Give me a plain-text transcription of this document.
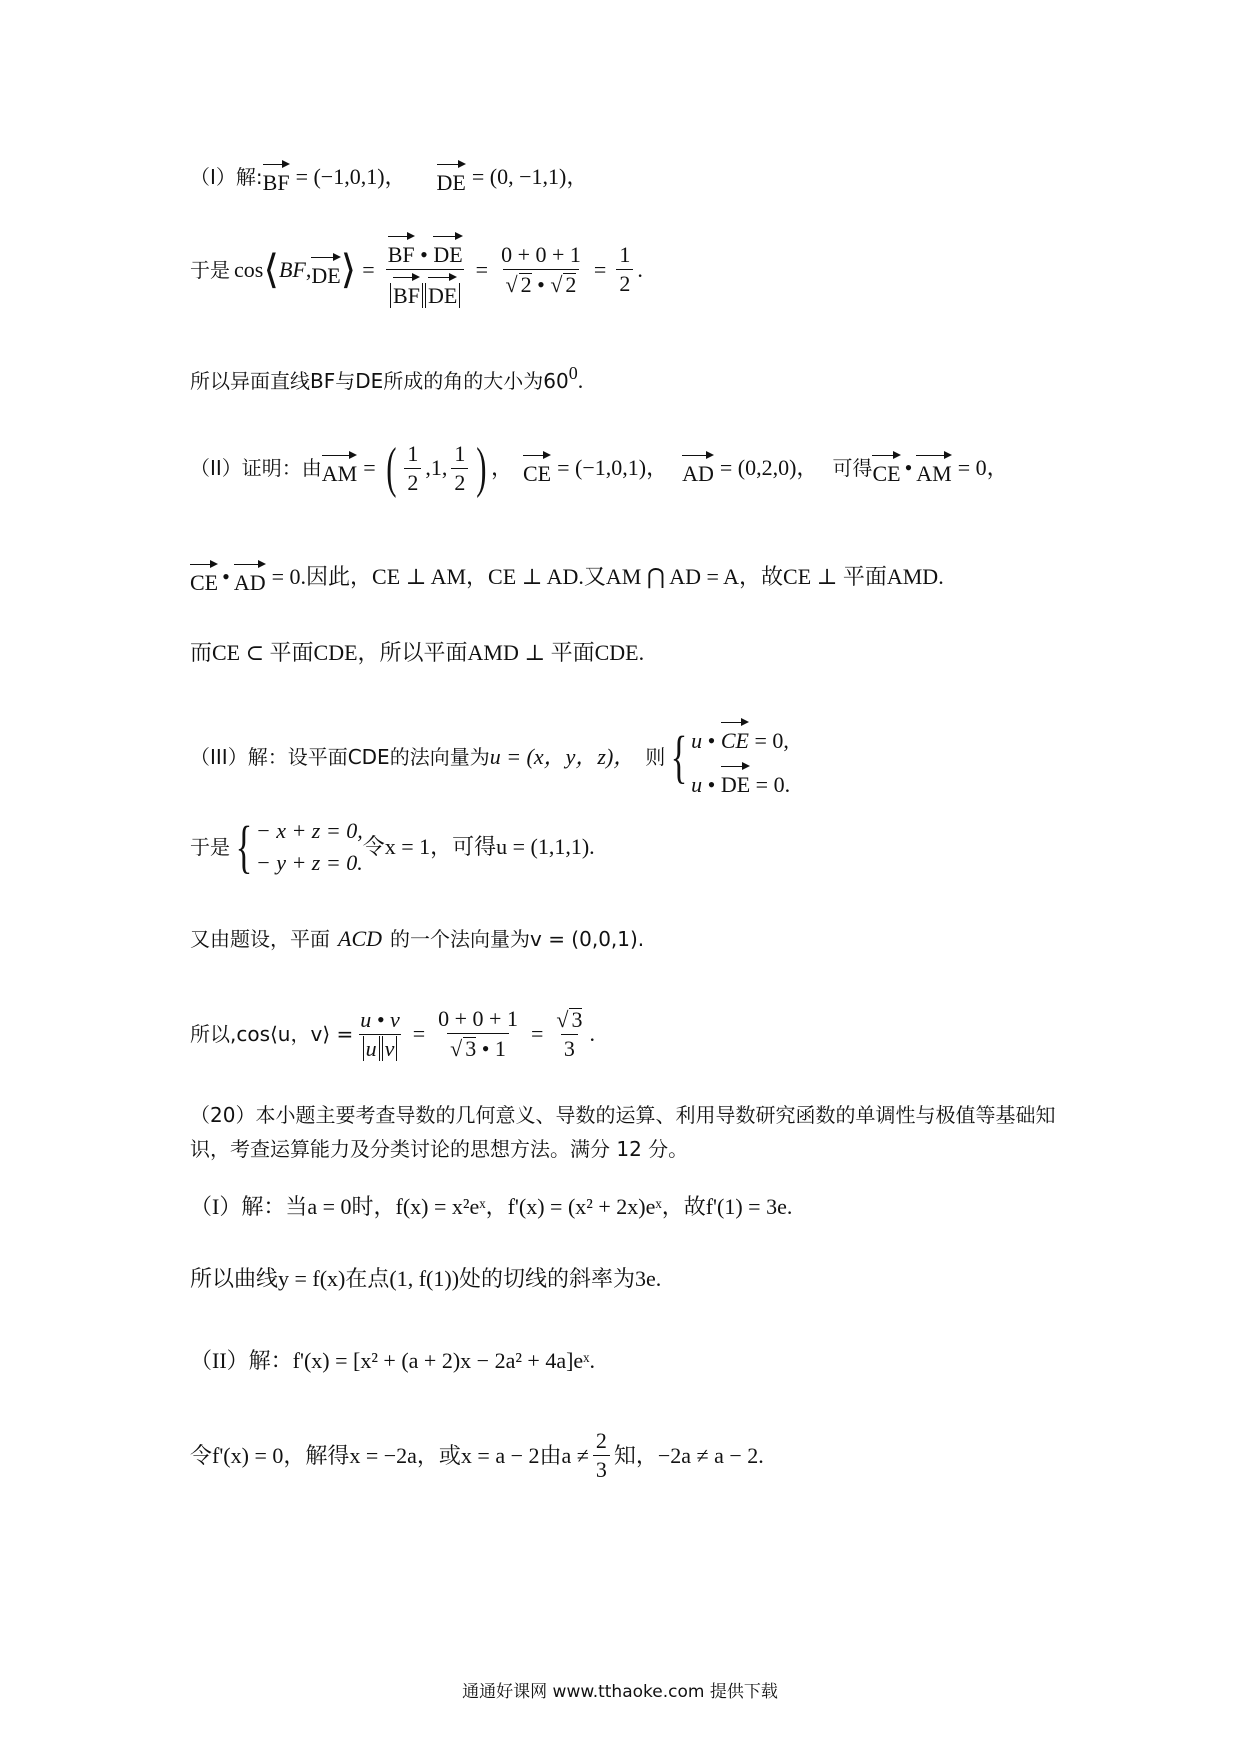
（I）解: BF = (−1,0,1)， DE = (0, −1,1)，
于是 cos ⟨ BF, DE ⟩ = $\frac{BF • DE}{\text{BF DE}} = \frac{0 + 0 + 1}{√ 2 • √ 2} = \frac{1}{2}$ .
所以异面直线BF与DE所成的角的大小为$60^0$ .
（II）证明：由 AM = ( $\frac{1}{2} ,1$, $\frac{1}{2}$ ) ， CE = (−1,0,1)， AD = (0,2,0)， 可得 CE • AM = 0，
CE • AD = 0.因此，CE ⊥ AM，CE ⊥ AD.又AM ⋂ AD = A，故CE ⊥ 平面AMD.
而CE ⊂ 平面CDE，所以平面AMD ⊥ 平面CDE.
（III）解：设平面CDE的法向量为 u = (x，y，z)， 则 { u • CE = 0,
u • DE = 0.
于是 { − x + z = 0,
− y + z = 0.
令x = 1，可得u = (1,1,1).
又由题设，平面 ACD 的一个法向量为v = (0,0,1).
所以,cos⟨u，v⟩ = $\frac{u • v}{\text{u v}} = \frac{0 + 0 + 1}{√ 3 • 1} = \frac{√ 3}{3}$ .
（20）本小题主要考查导数的几何意义、导数的运算、利用导数研究函数的单调性与极值等基础知识，考查运算能力及分类讨论的思想方法。满分 12 分。
（I）解：当a = 0时，f(x) = x²eˣ，f'(x) = (x² + 2x)eˣ，故f'(1) = 3e.
所以曲线y = f(x)在点(1, f(1))处的切线的斜率为3e.
（II）解：f'(x) = [x² + (a + 2)x − 2a² + 4a]eˣ.
令f'(x) = 0，解得x = −2a，或x = a − 2由$a \ne \frac{2}{3}$ 知，−2a ≠ a − 2.
通通好课网 www.tthaoke.com 提供下载
